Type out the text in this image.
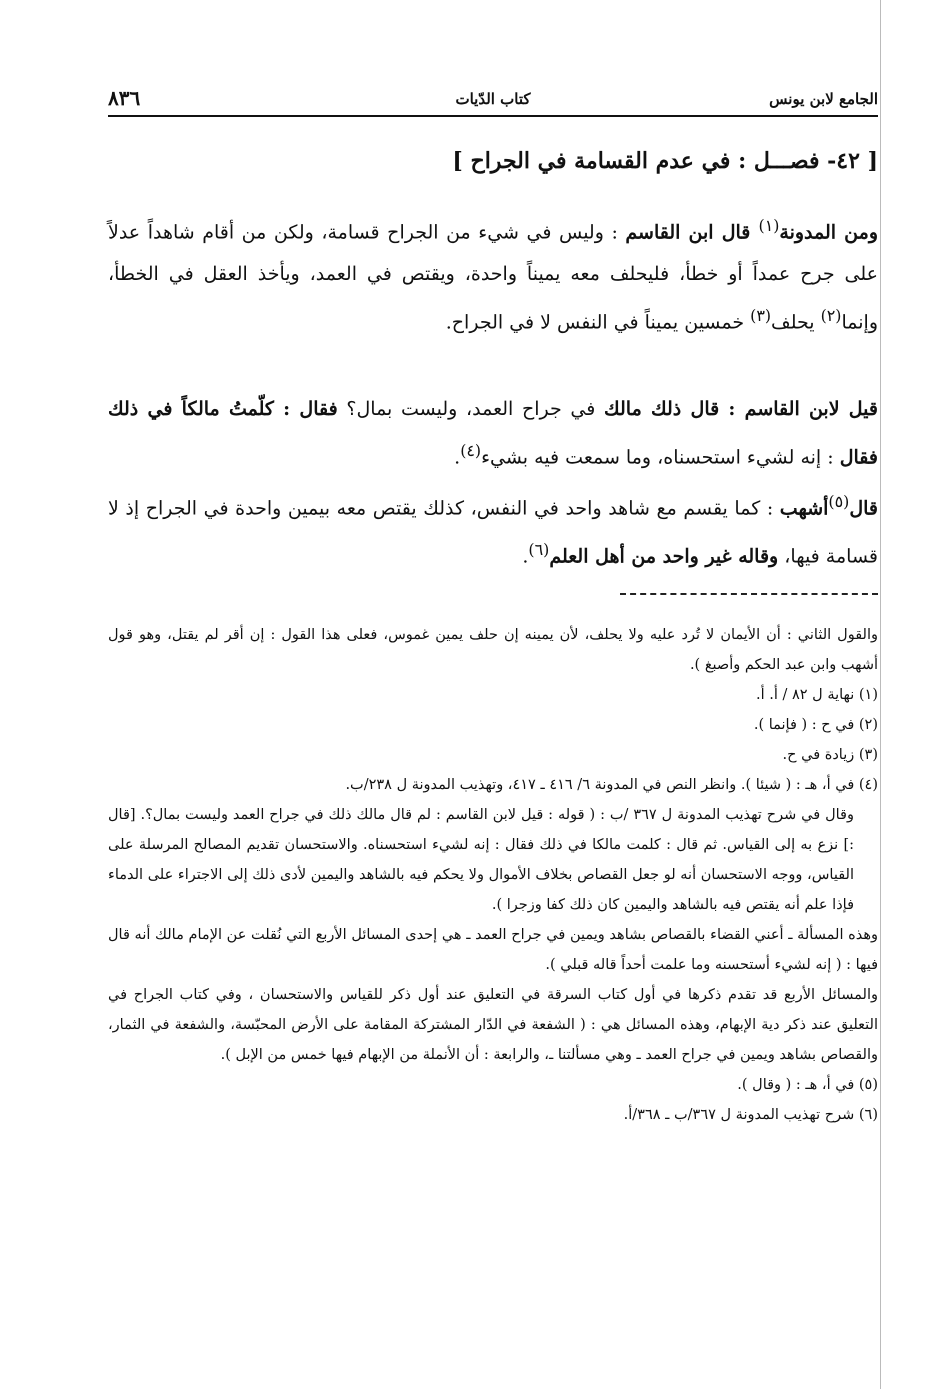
الجامع لابن يونس
كتاب الدّيات
٨٣٦
[ ٤٢- فصـــل : في عدم القسامة في الجراح ]
ومن المدونة$^{(١)}$ قال ابن القاسم : وليس في شيء من الجراح قسامة، ولكن من أقام شاهداً عدلاً على جرح عمداً أو خطأ، فليحلف معه يميناً واحدة، ويقتص في العمد، ويأخذ العقل في الخطأ، وإنما$^{(٢)}$ يحلف$^{(٣)}$ خمسين يميناً في النفس لا في الجراح.
قيل لابن القاسم : قال ذلك مالك في جراح العمد، وليست بمال؟ فقال : كلّمتُ مالكاً في ذلك فقال : إنه لشيء استحسناه، وما سمعت فيه بشيء$^{(٤)}$.
قال$^{(٥)}$أشهب : كما يقسم مع شاهد واحد في النفس، كذلك يقتص معه بيمين واحدة في الجراح إذ لا قسامة فيها، وقاله غير واحد من أهل العلم$^{(٦)}$.

والقول الثاني : أن الأيمان لا تُرد عليه ولا يحلف، لأن يمينه إن حلف يمين غموس، فعلى هذا القول : إن أقر لم يقتل، وهو قول أشهب وابن عبد الحكم وأصبغ ).

(١) نهاية ل ٨٢ / أ. أ.

(٢) في ح : ( فإنما ).

(٣) زيادة في ح.

(٤) في أ، هـ : ( شيئا ). وانظر النص في المدونة ٦/ ٤١٦ ـ ٤١٧، وتهذيب المدونة ل ٢٣٨/ب.

وقال في شرح تهذيب المدونة ل ٣٦٧ /ب : ( قوله : قيل لابن القاسم : لم قال مالك ذلك في جراح العمد وليست بمال؟. [قال :] نزع به إلى القياس. ثم قال : كلمت مالكا في ذلك فقال : إنه لشيء استحسناه. والاستحسان تقديم المصالح المرسلة على القياس، ووجه الاستحسان أنه لو جعل القصاص بخلاف الأموال ولا يحكم فيه بالشاهد واليمين لأدى ذلك إلى الاجتراء على الدماء فإذا علم أنه يقتص فيه بالشاهد واليمين كان ذلك كفا وزجرا ).

وهذه المسألة ـ أعني القضاء بالقصاص بشاهد ويمين في جراح العمد ـ هي إحدى المسائل الأربع التي نُقلت عن الإمام مالك أنه قال فيها : ( إنه لشيء أستحسنه وما علمت أحداً قاله قبلي ).

والمسائل الأربع قد تقدم ذكرها في أول كتاب السرقة في التعليق عند أول ذكر للقياس والاستحسان ، وفي كتاب الجراح في التعليق عند ذكر دية الإبهام، وهذه المسائل هي : ( الشفعة في الدّار المشتركة المقامة على الأرض المحبّسة، والشفعة في الثمار، والقصاص بشاهد ويمين في جراح العمد ـ وهي مسألتنا ـ، والرابعة : أن الأنملة من الإبهام فيها خمس من الإبل ).

(٥) في أ، هـ : ( وقال ).

(٦) شرح تهذيب المدونة ل ٣٦٧/ب ـ ٣٦٨/أ.
